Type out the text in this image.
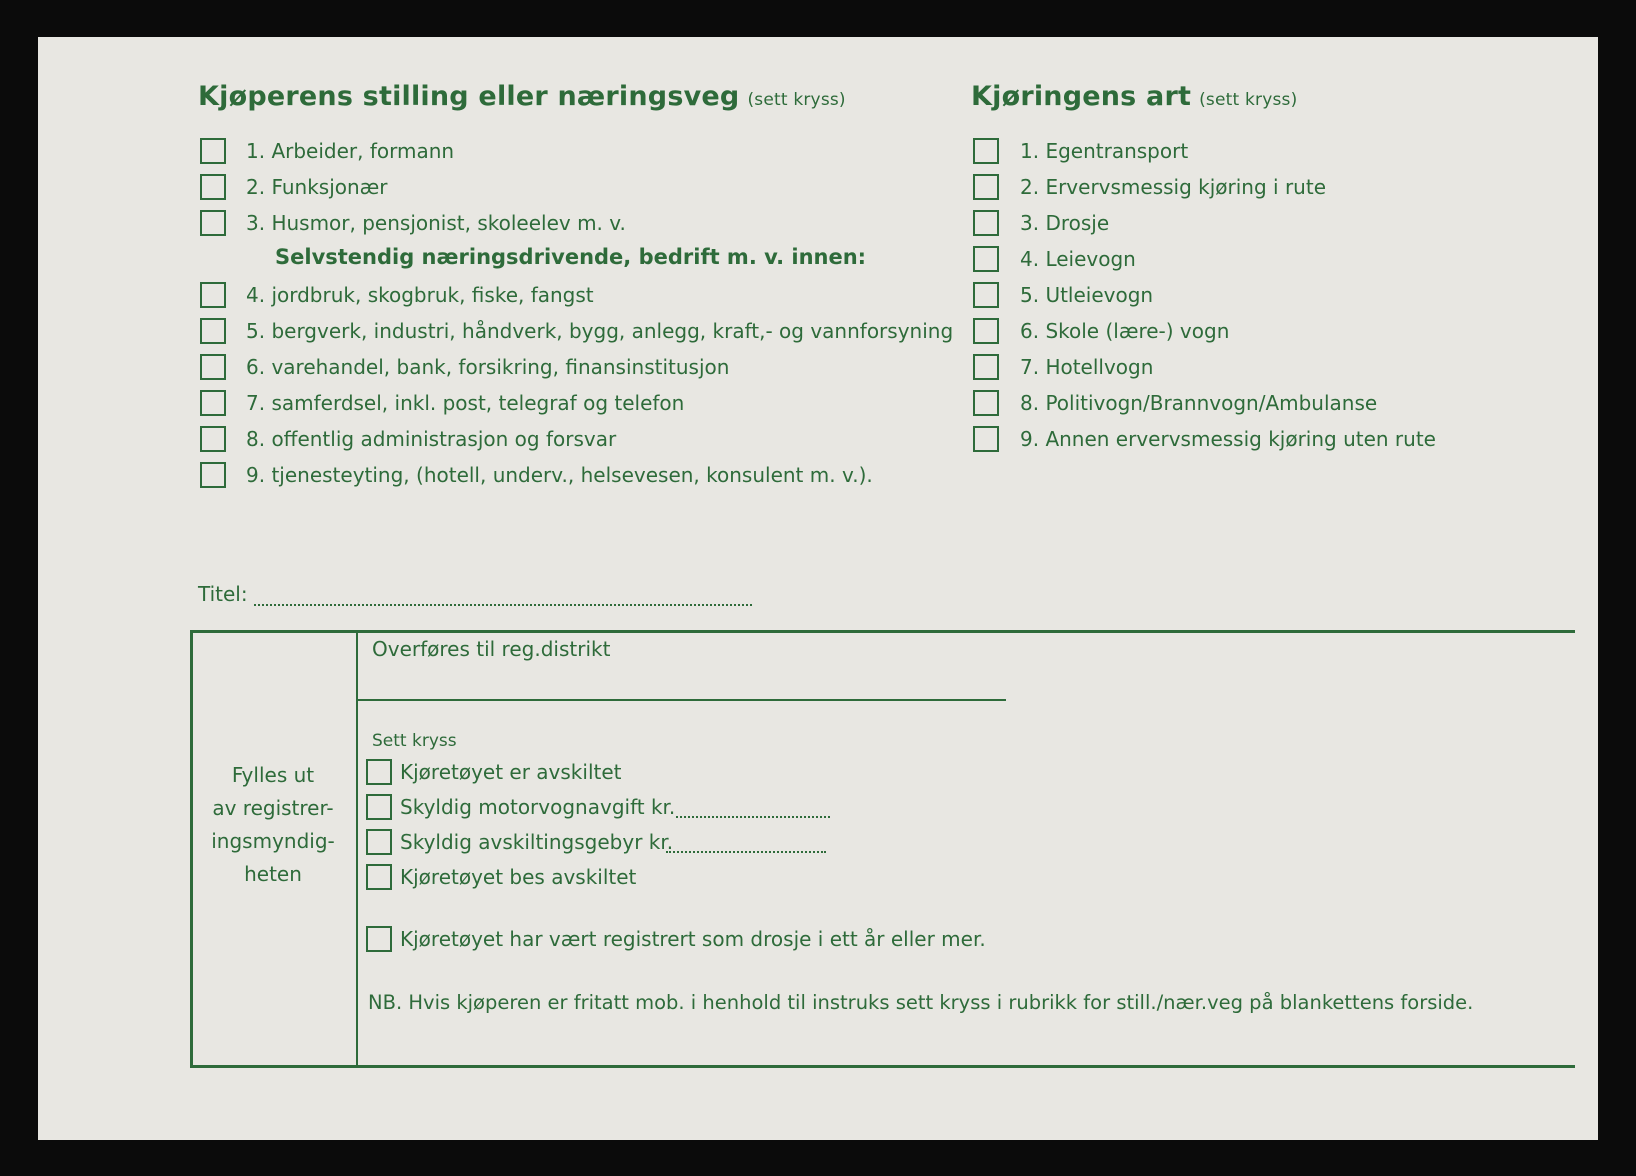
Kjøperens stilling eller næringsveg (sett kryss)
1. Arbeider, formann
2. Funksjonær
3. Husmor, pensjonist, skoleelev m. v.
Selvstendig næringsdrivende, bedrift m. v. innen:
4. jordbruk, skogbruk, fiske, fangst
5. bergverk, industri, håndverk, bygg, anlegg, kraft,- og vannforsyning
6. varehandel, bank, forsikring, finansinstitusjon
7. samferdsel, inkl. post, telegraf og telefon
8. offentlig administrasjon og forsvar
9. tjenesteyting, (hotell, underv., helsevesen, konsulent m. v.).
Titel:
Kjøringens art (sett kryss)
1. Egentransport
2. Ervervsmessig kjøring i rute
3. Drosje
4. Leievogn
5. Utleievogn
6. Skole (lære-) vogn
7. Hotellvogn
8. Politivogn/Brannvogn/Ambulanse
9. Annen ervervsmessig kjøring uten rute
Fylles ut
av registrer-
ingsmyndig-
heten
Overføres til reg.distrikt
Sett kryss
Kjøretøyet er avskiltet
Skyldig motorvognavgift kr.
Skyldig avskiltingsgebyr kr.
Kjøretøyet bes avskiltet
Kjøretøyet har vært registrert som drosje i ett år eller mer.
NB. Hvis kjøperen er fritatt mob. i henhold til instruks sett kryss i rubrikk for still./nær.veg på blankettens forside.
